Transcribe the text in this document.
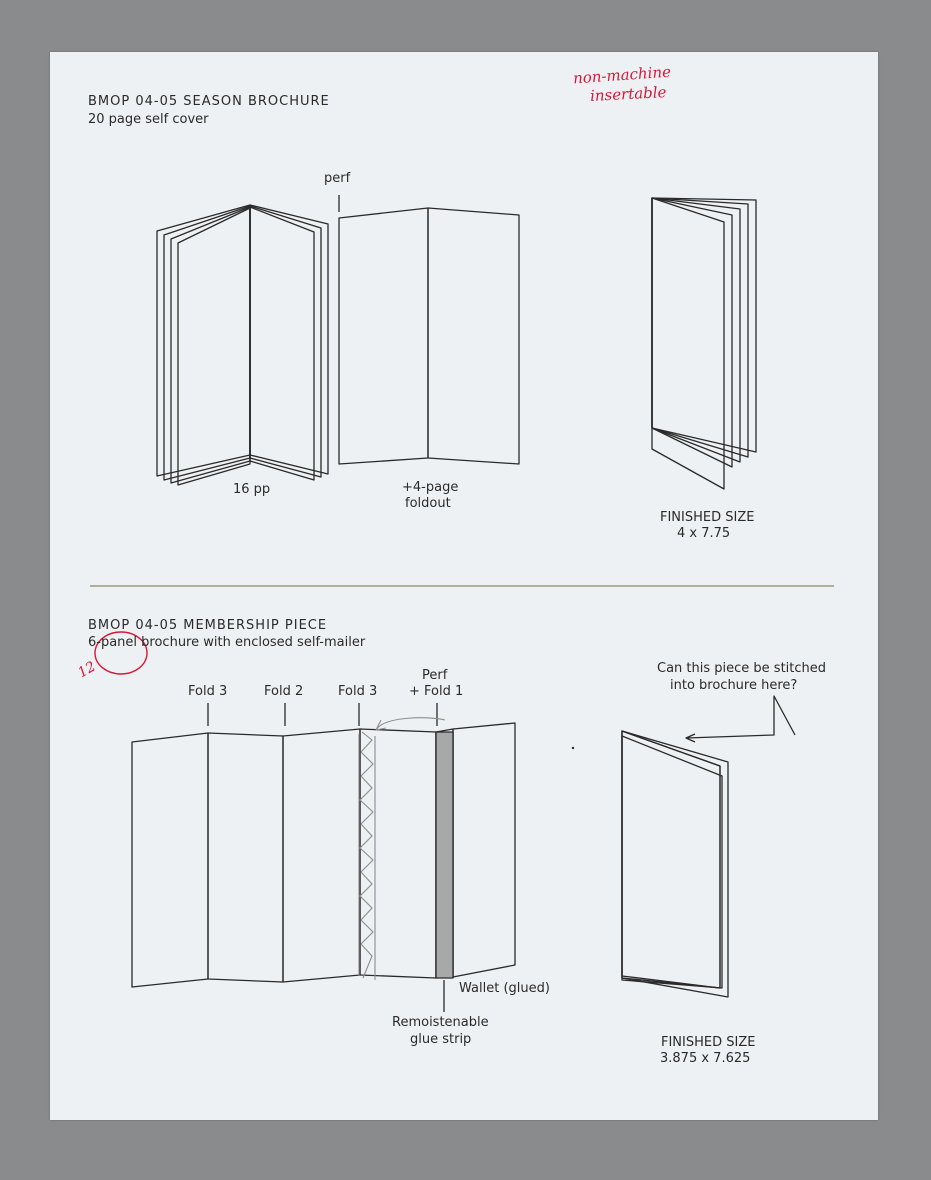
BMOP 04-05 SEASON BROCHURE
20 page self cover
perf
16 pp	+4-page
foldout
FINISHED SIZE
4 x 7.75
non-machine
insertable
12
BMOP 04-05 MEMBERSHIP PIECE
6-panel brochure with enclosed self-mailer
Fold 3	Fold 2	Fold 3
Perf
+ Fold 1
Can this piece be stitched
into brochure here?
Wallet (glued)
Remoistenable
glue strip	FINISHED SIZE
3.875 x 7.625
